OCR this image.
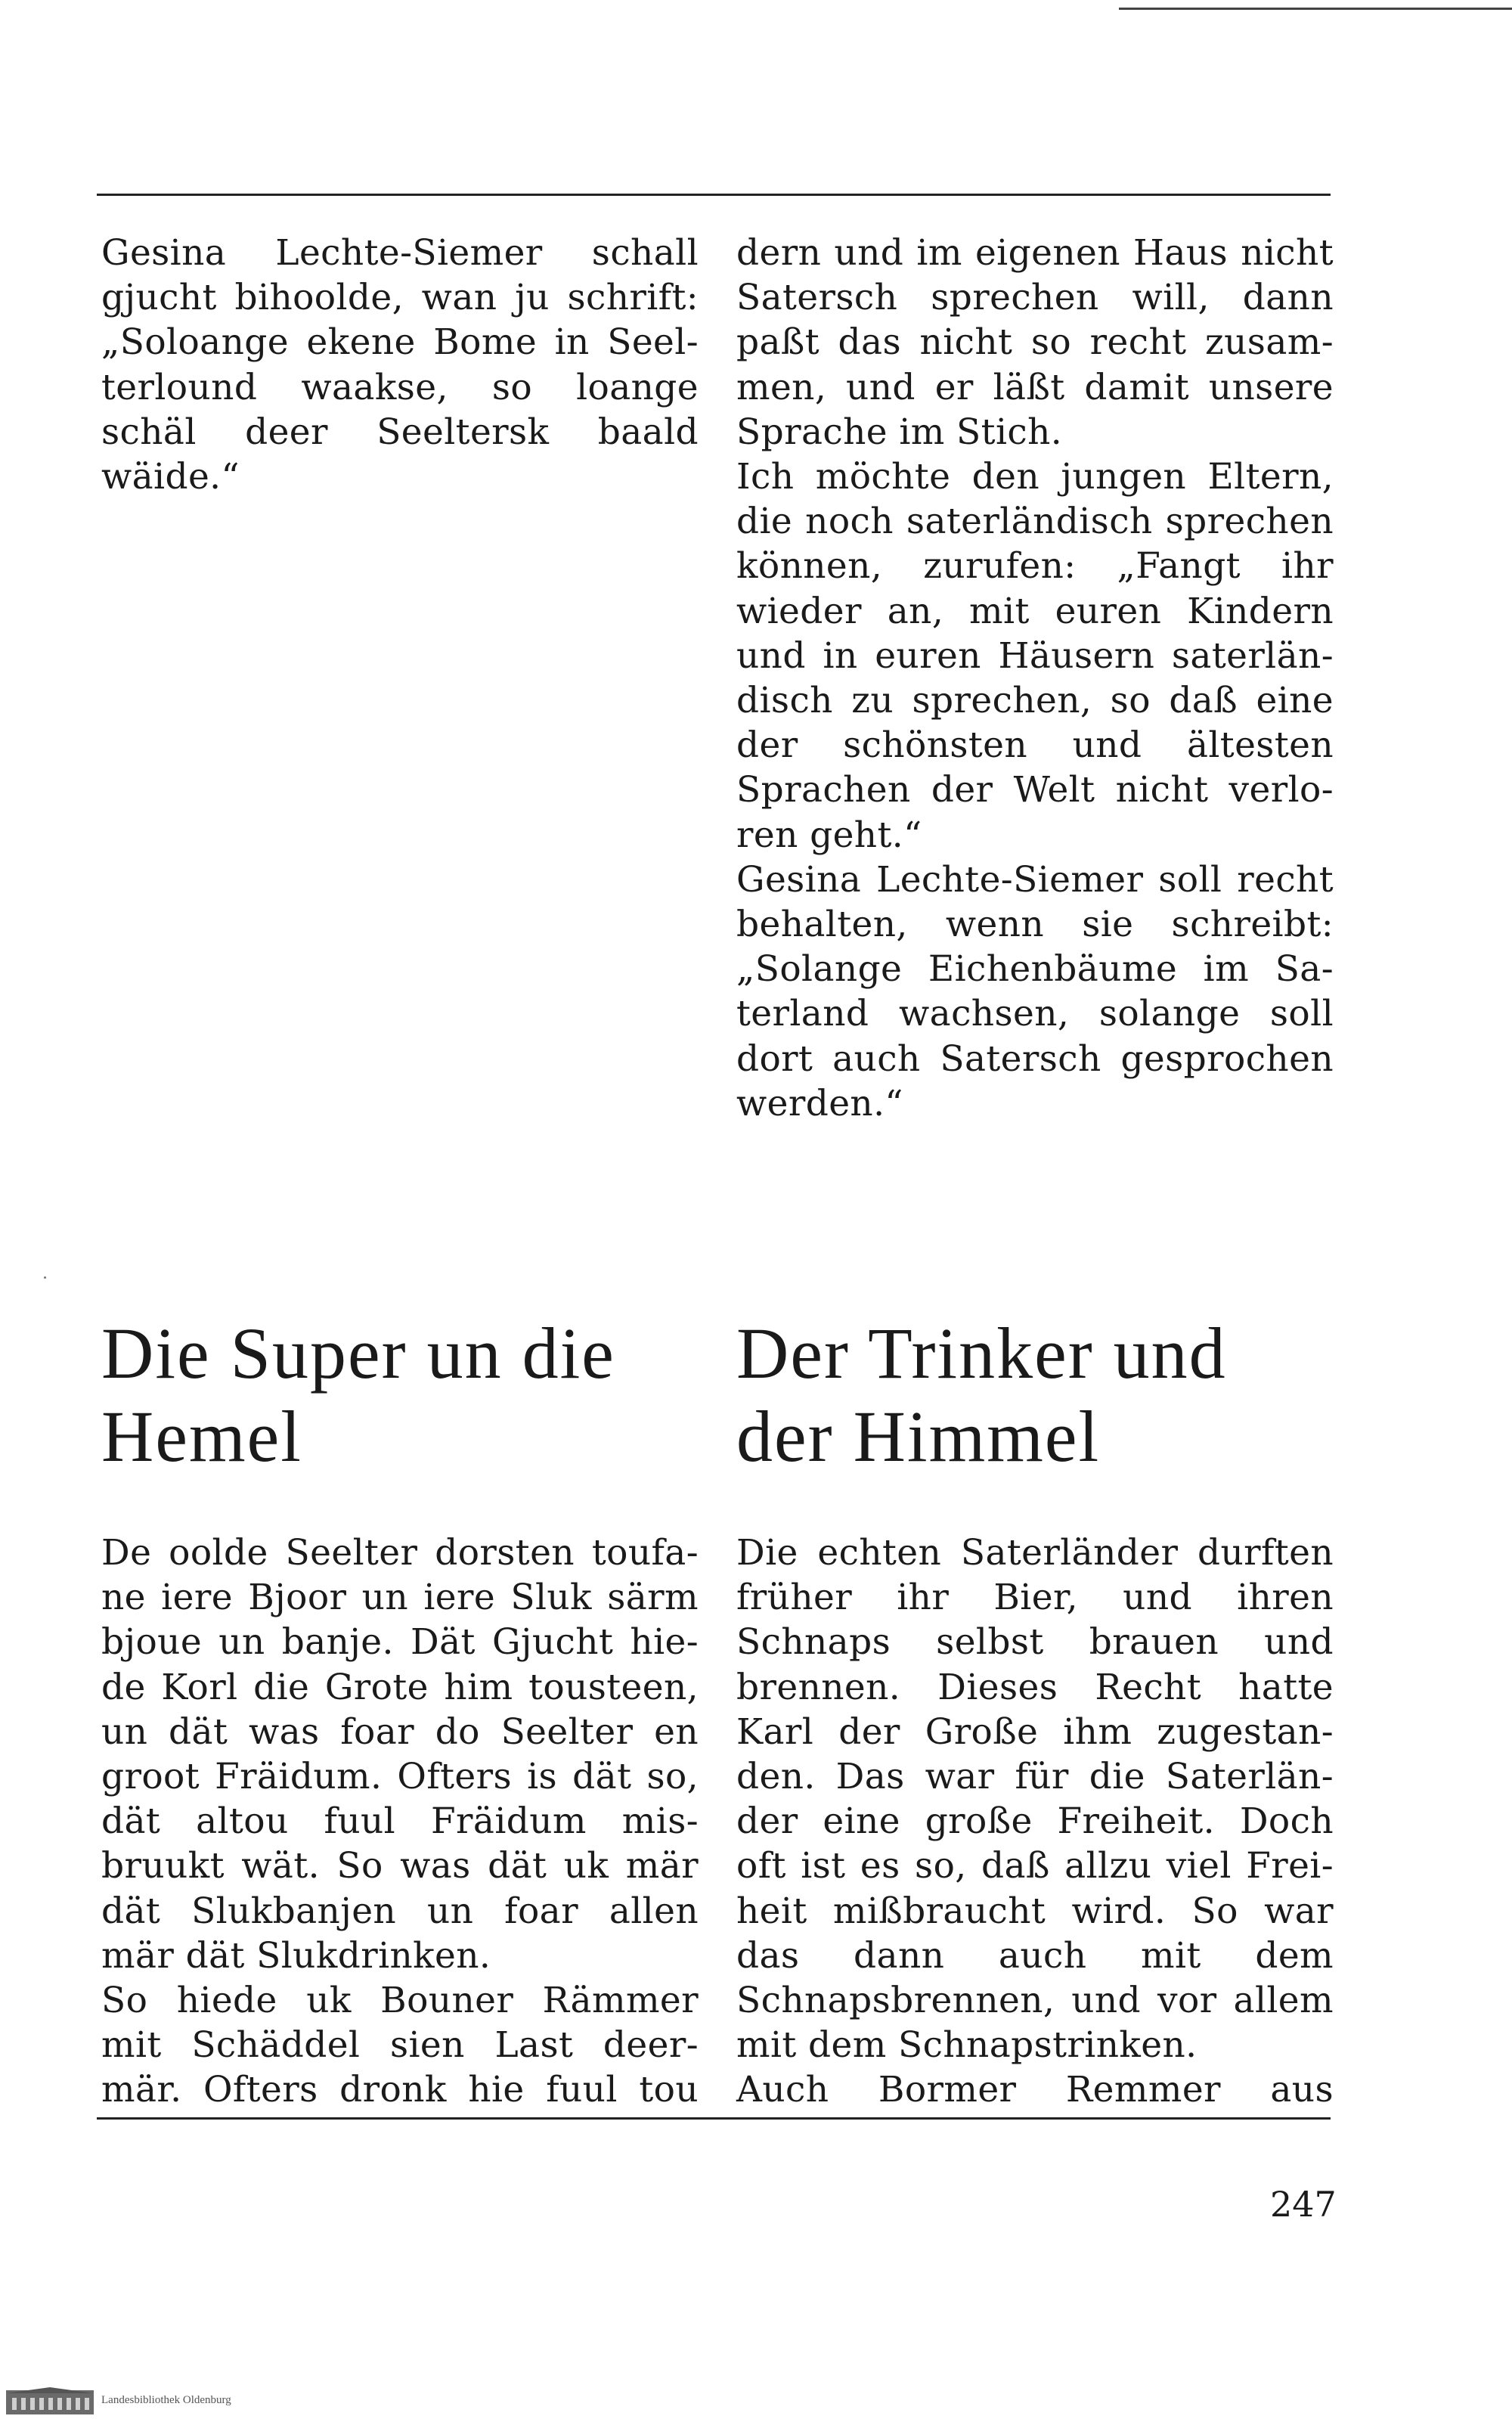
Gesina Lechte-Siemer schall
gjucht bihoolde, wan ju schrift:
„Soloange ekene Bome in Seel-
terlound waakse, so loange
schäl deer Seeltersk baald
wäide.“
dern und im eigenen Haus nicht
Satersch sprechen will, dann
paßt das nicht so recht zusam-
men, und er läßt damit unsere
Sprache im Stich.
Ich möchte den jungen Eltern,
die noch saterländisch sprechen
können, zurufen: „Fangt ihr
wieder an, mit euren Kindern
und in euren Häusern saterlän-
disch zu sprechen, so daß eine
der schönsten und ältesten
Sprachen der Welt nicht verlo-
ren geht.“
Gesina Lechte-Siemer soll recht
behalten, wenn sie schreibt:
„Solange Eichenbäume im Sa-
terland wachsen, solange soll
dort auch Satersch gesprochen
werden.“
Die Super un die
Hemel
Der Trinker und
der Himmel
De oolde Seelter dorsten toufa-
ne iere Bjoor un iere Sluk särm
bjoue un banje. Dät Gjucht hie-
de Korl die Grote him tousteen,
un dät was foar do Seelter en
groot Fräidum. Ofters is dät so,
dät altou fuul Fräidum mis-
bruukt wät. So was dät uk mär
dät Slukbanjen un foar allen
mär dät Slukdrinken.
So hiede uk Bouner Rämmer
mit Schäddel sien Last deer-
mär. Ofters dronk hie fuul tou
Die echten Saterländer durften
früher ihr Bier, und ihren
Schnaps selbst brauen und
brennen. Dieses Recht hatte
Karl der Große ihm zugestan-
den. Das war für die Saterlän-
der eine große Freiheit. Doch
oft ist es so, daß allzu viel Frei-
heit mißbraucht wird. So war
das dann auch mit dem
Schnapsbrennen, und vor allem
mit dem Schnapstrinken.
Auch Bormer Remmer aus
247
Landesbibliothek Oldenburg
